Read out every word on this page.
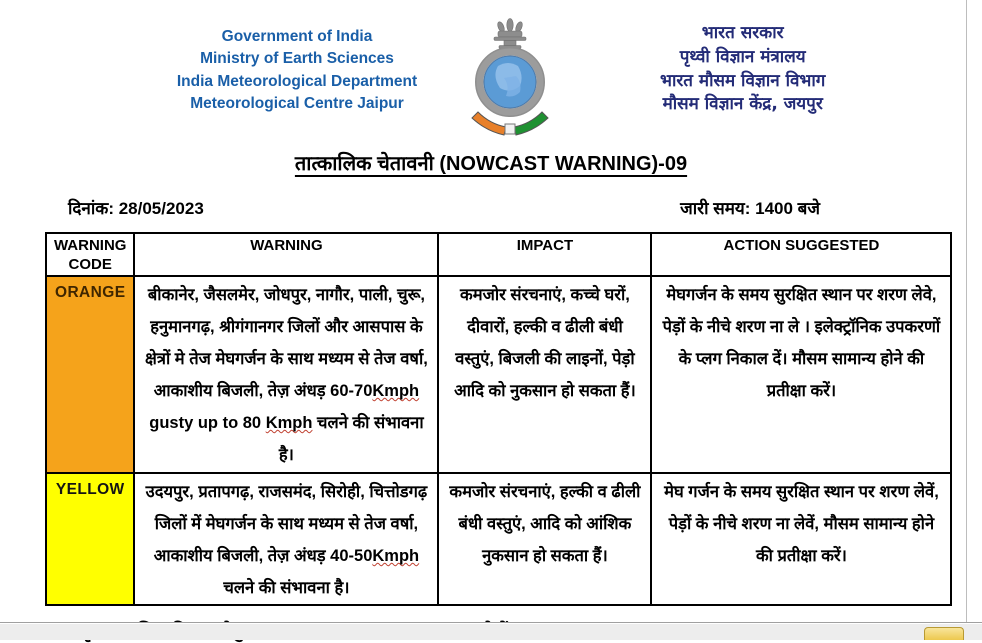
Government of India
Ministry of Earth Sciences
India Meteorological Department
Meteorological Centre Jaipur
भारत सरकार
पृथ्वी विज्ञान मंत्रालय
भारत मौसम विज्ञान विभाग
मौसम विज्ञान केंद्र, जयपुर
तात्कालिक चेतावनी (NOWCAST WARNING)-09
दिनांक: 28/05/2023	जारी समय: 1400 बजे
WARNING CODE	WARNING	IMPACT	ACTION SUGGESTED
ORANGE	बीकानेर, जैसलमेर, जोधपुर, नागौर, पाली, चुरू, हनुमानगढ़, श्रीगंगानगर जिलों और आसपास के क्षेत्रों मे तेज मेघगर्जन के साथ मध्यम से तेज वर्षा, आकाशीय बिजली, तेज़ अंधड़ 60-70Kmph gusty up to 80 Kmph चलने की संभावना है।	कमजोर संरचनाएं, कच्चे घरों, दीवारों, हल्की व ढीली बंधी वस्तुएं, बिजली की लाइनों, पेड़ो आदि को नुकसान हो सकता हैं।	मेघगर्जन के समय सुरक्षित स्थान पर शरण लेवे, पेड़ों के नीचे शरण ना ले । इलेक्ट्रॉनिक उपकरणों के प्लग निकाल दें। मौसम सामान्य होने की प्रतीक्षा करें।
YELLOW	उदयपुर, प्रतापगढ़, राजसमंद, सिरोही, चित्तोडगढ़ जिलों में मेघगर्जन के साथ मध्यम से तेज वर्षा, आकाशीय बिजली, तेज़ अंधड़ 40-50Kmph चलने की संभावना है।	कमजोर संरचनाएं, हल्की व ढीली बंधी वस्तुएं, आदि को आंशिक नुकसान हो सकता हैं।	मेघ गर्जन के समय सुरक्षित स्थान पर शरण लेवें, पेड़ों के नीचे शरण ना लेवें, मौसम सामान्य होने की प्रतीक्षा करें।
